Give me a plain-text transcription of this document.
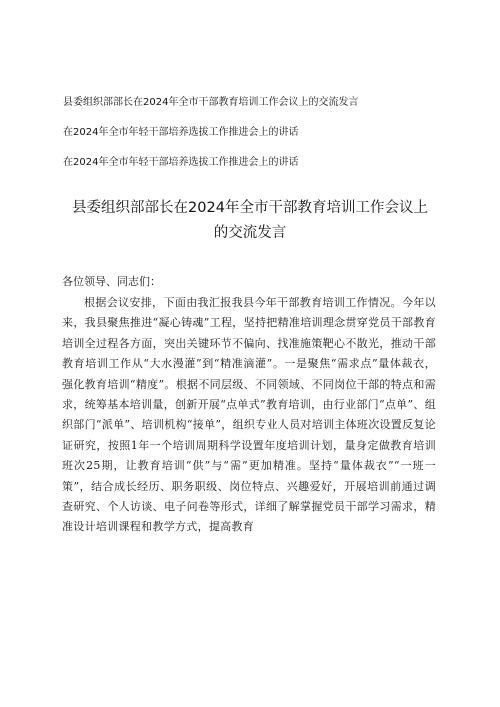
县委组织部部长在2024年全市干部教育培训工作会议上的交流发言
在2024年全市年轻干部培养选拔工作推进会上的讲话
在2024年全市年轻干部培养选拔工作推进会上的讲话
县委组织部部长在2024年全市干部教育培训工作会议上
的交流发言
各位领导、同志们：

根据会议安排，下面由我汇报我县今年干部教育培训工作情况。今年以来，我县聚焦推进“凝心铸魂”工程，坚持把精准培训理念贯穿党员干部教育培训全过程各方面，突出关键环节不偏向、找准施策靶心不散光，推动干部教育培训工作从“大水漫灌”到“精准滴灌”。一是聚焦“需求点”量体裁衣，强化教育培训“精度”。根据不同层级、不同领域、不同岗位干部的特点和需求，统筹基本培训量，创新开展“点单式”教育培训，由行业部门“点单”、组织部门“派单”、培训机构“接单”，组织专业人员对培训主体班次设置反复论证研究，按照1年一个培训周期科学设置年度培训计划，量身定做教育培训班次25期，让教育培训“供”与“需”更加精准。坚持“量体裁衣”“一班一策”，结合成长经历、职务职级、岗位特点、兴趣爱好，开展培训前通过调查研究、个人访谈、电子问卷等形式，详细了解掌握党员干部学习需求，精准设计培训课程和教学方式，提高教育
